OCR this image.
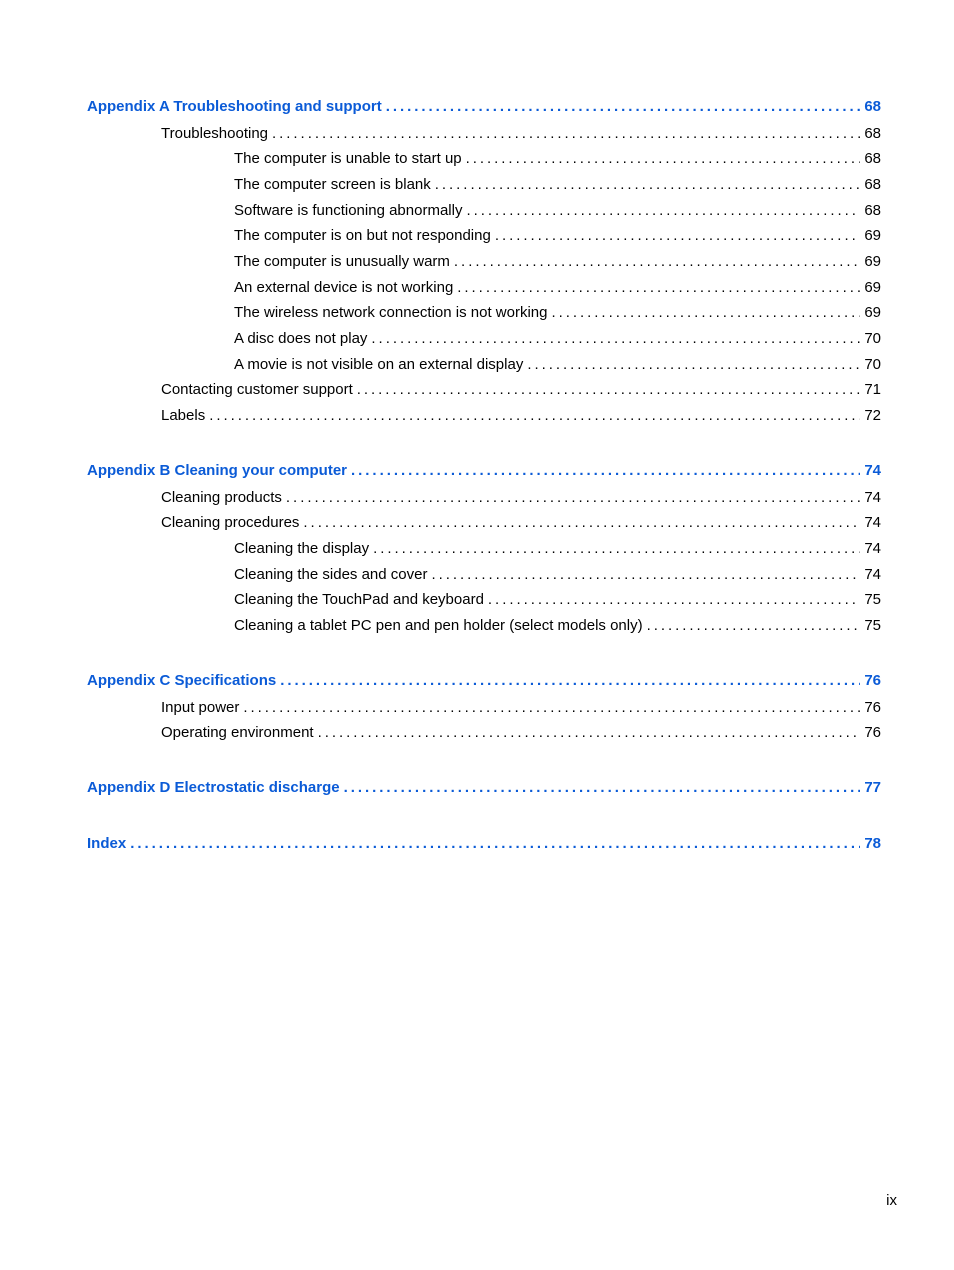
Appendix A Troubleshooting and support . . .	68
Troubleshooting . . .	68
The computer is unable to start up . . .	68
The computer screen is blank . . .	68
Software is functioning abnormally . . .	68
The computer is on but not responding . . .	69
The computer is unusually warm . . .	69
An external device is not working . . .	69
The wireless network connection is not working . . .	69
A disc does not play . . .	70
A movie is not visible on an external display . . .	70
Contacting customer support . . .	71
Labels . . .	72
Appendix B Cleaning your computer . . .	74
Cleaning products . . .	74
Cleaning procedures . . .	74
Cleaning the display . . .	74
Cleaning the sides and cover . . .	74
Cleaning the TouchPad and keyboard . . .	75
Cleaning a tablet PC pen and pen holder (select models only) . . .	75
Appendix C Specifications . . .	76
Input power . . .	76
Operating environment . . .	76
Appendix D Electrostatic discharge . . .	77
Index . . .	78
ix
